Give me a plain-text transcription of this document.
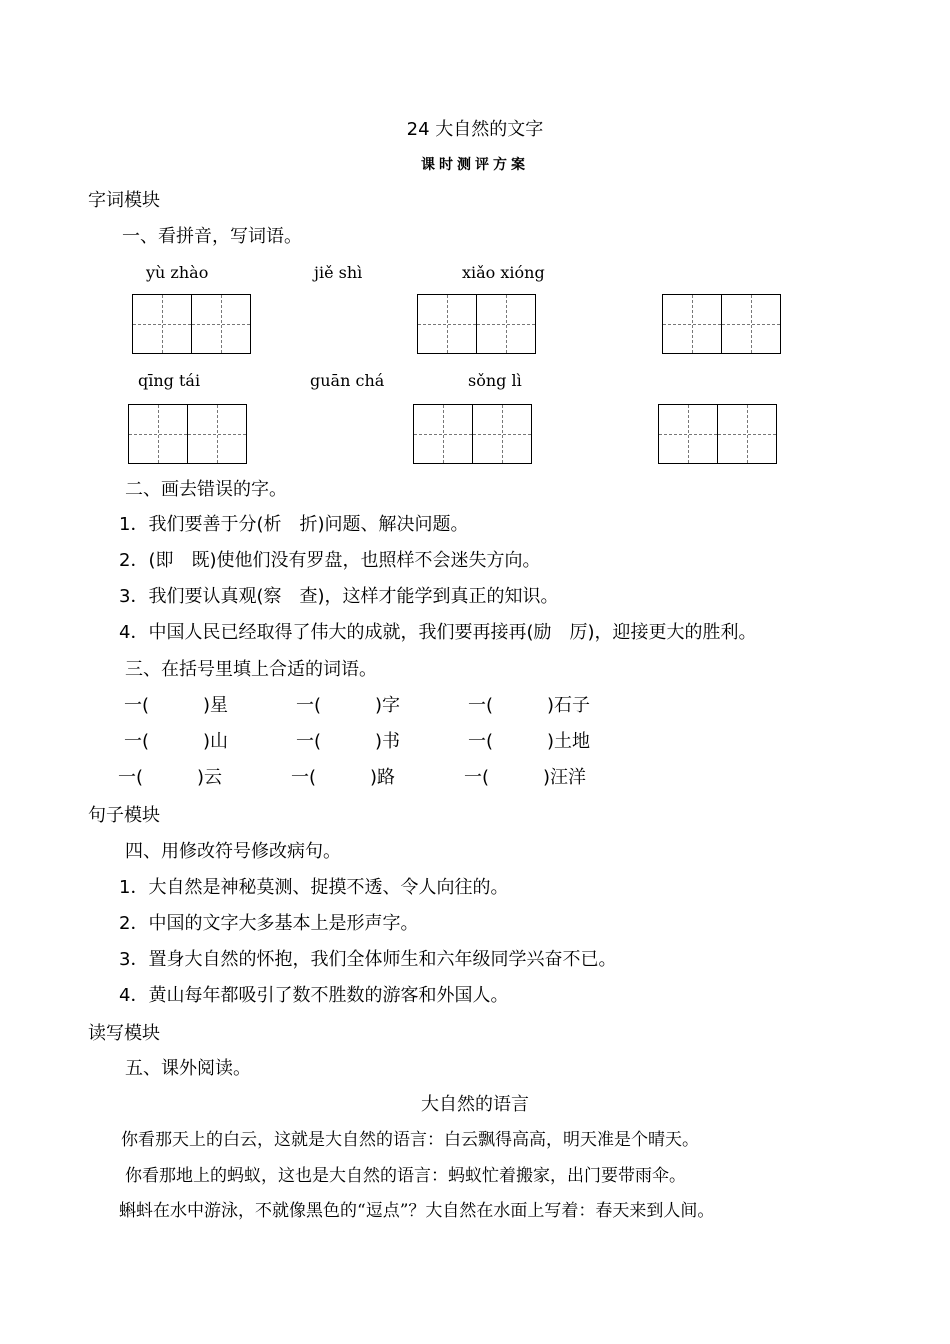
24 大自然的文字
课时测评方案
字词模块
一、看拼音，写词语。
yù zhào	jiě shì	xiǎo xióng
qīng tái	guān chá	sǒng lì
二、画去错误的字。
1．我们要善于分(析　折)问题、解决问题。
2．(即　既)使他们没有罗盘，也照样不会迷失方向。
3．我们要认真观(察　查)，这样才能学到真正的知识。
4．中国人民已经取得了伟大的成就，我们要再接再(励　厉)，迎接更大的胜利。
三、在括号里填上合适的词语。
一(　　　)星	一(　　　)字	一(　　　)石子
一(　　　)山	一(　　　)书	一(　　　)土地
一(　　　)云	一(　　　)路	一(　　　)汪洋
句子模块
四、用修改符号修改病句。
1．大自然是神秘莫测、捉摸不透、令人向往的。
2．中国的文字大多基本上是形声字。
3．置身大自然的怀抱，我们全体师生和六年级同学兴奋不已。
4．黄山每年都吸引了数不胜数的游客和外国人。
读写模块
五、课外阅读。
大自然的语言
你看那天上的白云，这就是大自然的语言：白云飘得高高，明天准是个晴天。
你看那地上的蚂蚁，这也是大自然的语言：蚂蚁忙着搬家，出门要带雨伞。
蝌蚪在水中游泳，不就像黑色的“逗点”？大自然在水面上写着：春天来到人间。
